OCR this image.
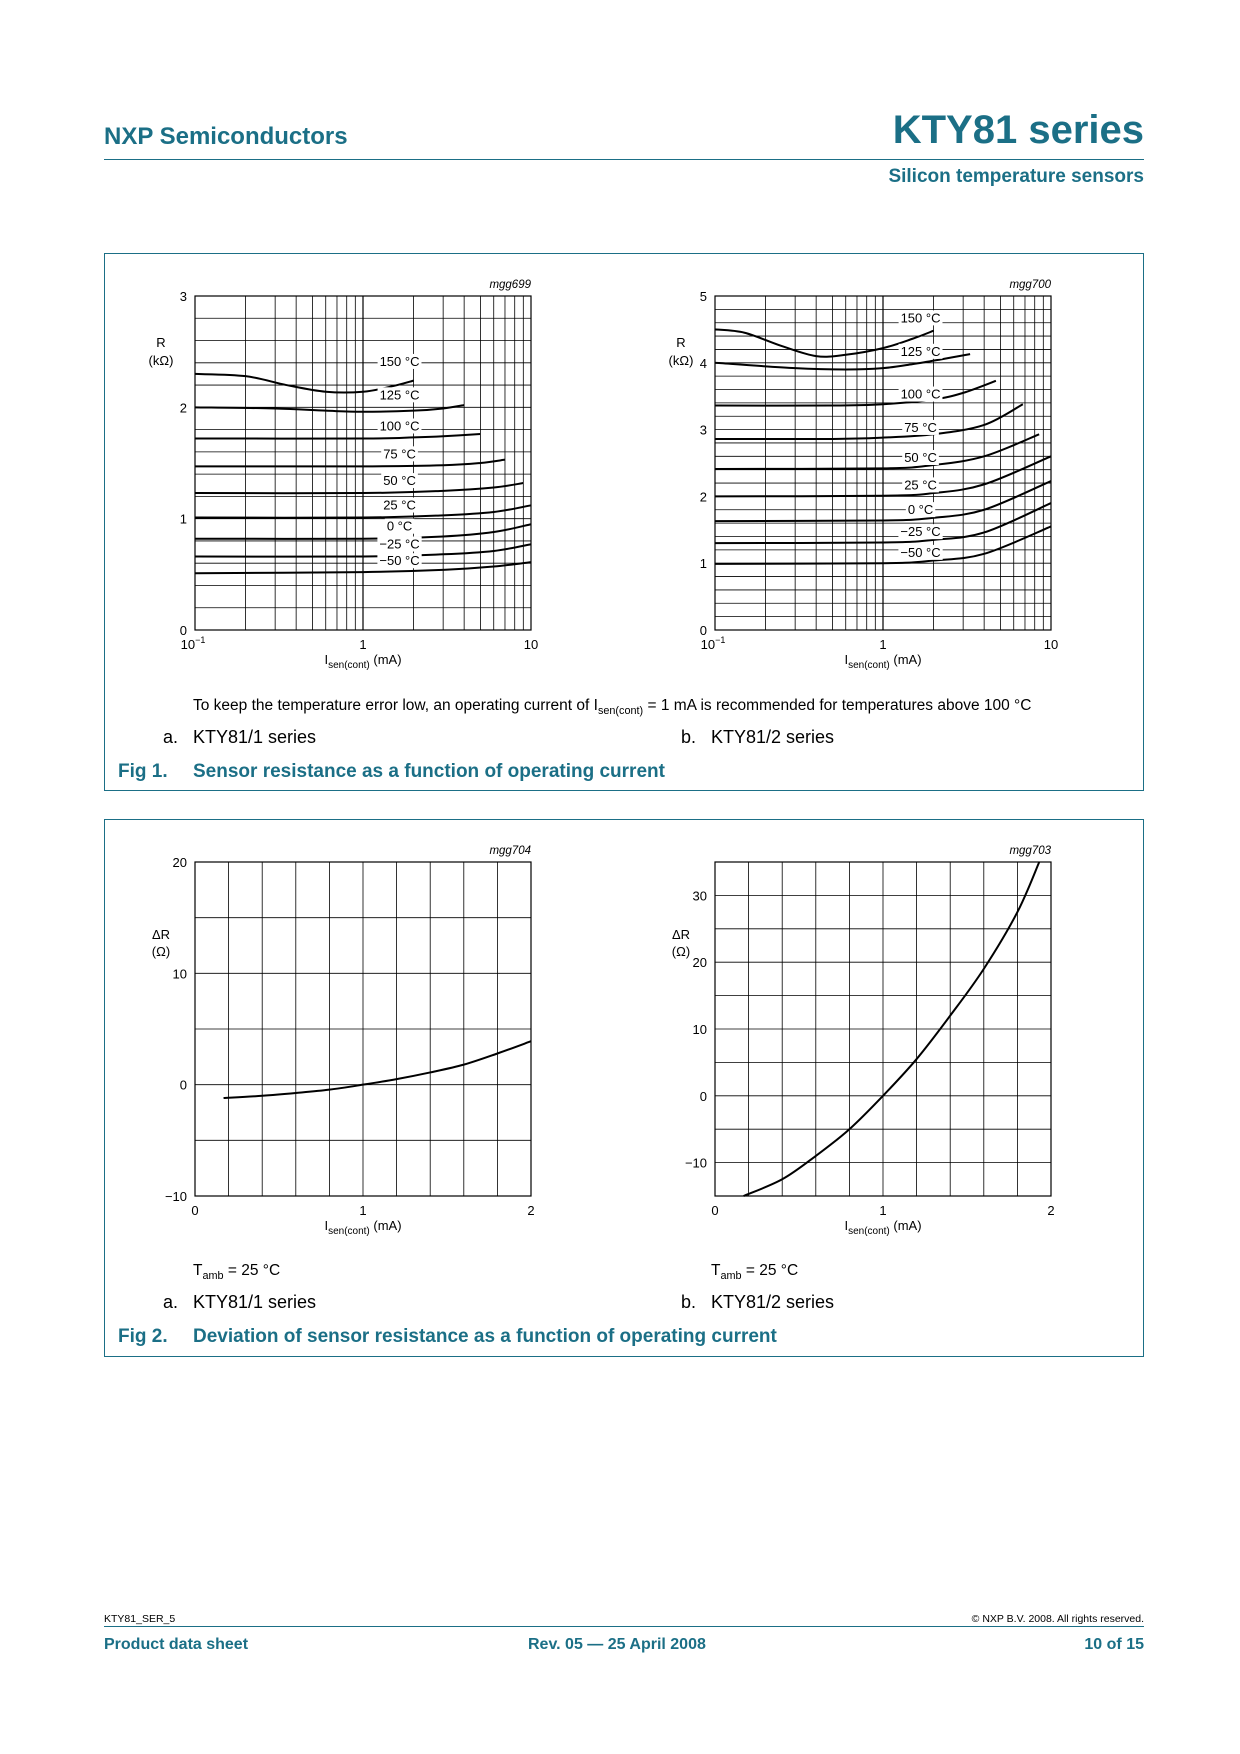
NXP Semiconductors	KTY81 series
Silicon temperature sensors
0
1
2
3
$10^{-1}$	1	10
mgg699
R
(kΩ)
$I_{sen(cont)}$ (mA)
150 °C
125 °C
100 °C
75 °C
50 °C
25 °C
0 °C
−25 °C
−50 °C
0
1
2
3
4
5
$10^{-1}$	1	10
mgg700
R
(kΩ)
$I_{sen(cont)}$ (mA)
150 °C
125 °C
100 °C
75 °C
50 °C
25 °C
0 °C
−25 °C
−50 °C
To keep the temperature error low, an operating current of $I_{sen(cont)} = 1$ mA is recommended for temperatures above 100 °C
a. KTY81/1 series	b. KTY81/2 series
Fig 1. Sensor resistance as a function of operating current
−10
0
10
20
0	1	2
mgg704
ΔR
(Ω)
$I_{sen(cont)}$ (mA)
−10
0
10
20
30
0	1	2
mgg703
ΔR
(Ω)
$I_{sen(cont)}$ (mA)
$T_{amb} = 25$ °C	$T_{amb} = 25$ °C
a. KTY81/1 series	b. KTY81/2 series
Fig 2. Deviation of sensor resistance as a function of operating current
KTY81_SER_5	© NXP B.V. 2008. All rights reserved.
Product data sheet	Rev. 05 — 25 April 2008	10 of 15
